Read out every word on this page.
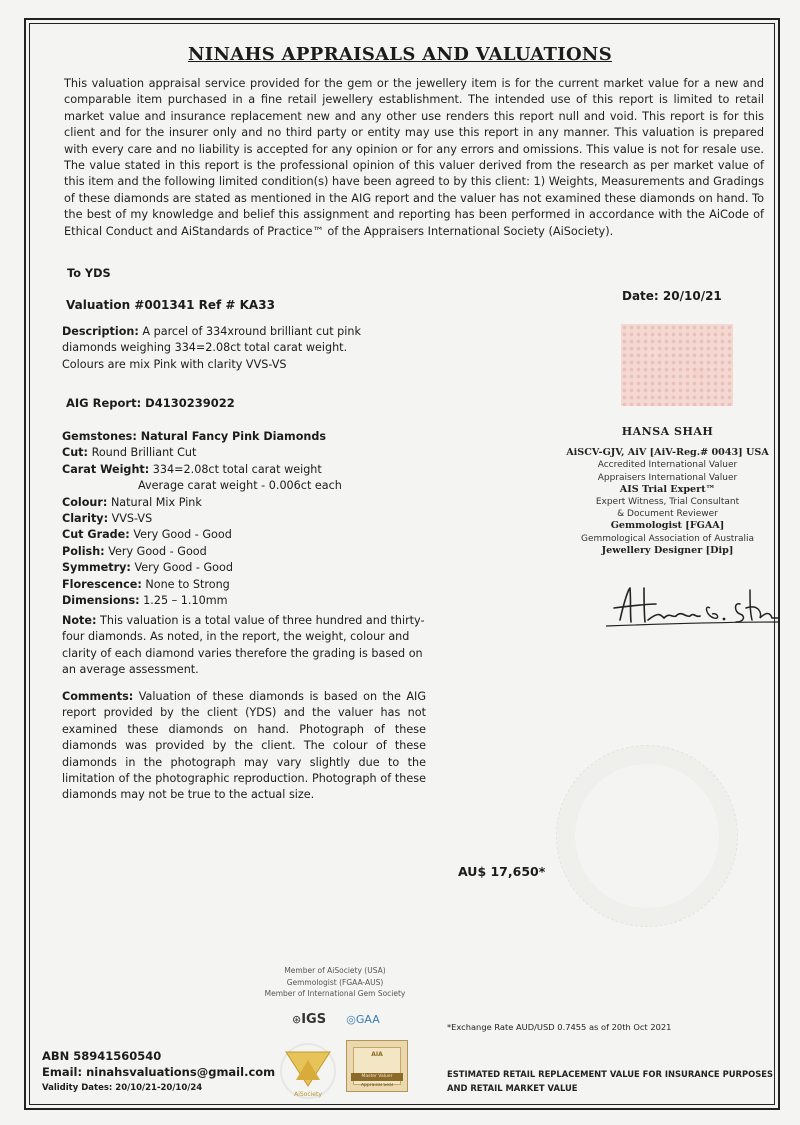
NINAHS APPRAISALS AND VALUATIONS
This valuation appraisal service provided for the gem or the jewellery item is for the current market value for a new and comparable item purchased in a fine retail jewellery establishment. The intended use of this report is limited to retail market value and insurance replacement new and any other use renders this report null and void. This report is for this client and for the insurer only and no third party or entity may use this report in any manner. This valuation is prepared with every care and no liability is accepted for any opinion or for any errors and omissions. This value is not for resale use. The value stated in this report is the professional opinion of this valuer derived from the research as per market value of this item and the following limited condition(s) have been agreed to by this client: 1) Weights, Measurements and Gradings of these diamonds are stated as mentioned in the AIG report and the valuer has not examined these diamonds on hand. To the best of my knowledge and belief this assignment and reporting has been performed in accordance with the AiCode of Ethical Conduct and AiStandards of Practice™ of the Appraisers International Society (AiSociety).
To YDS
Valuation #001341 Ref # KA33
Date: 20/10/21
Description: A parcel of 334xround brilliant cut pink diamonds weighing 334=2.08ct total carat weight. Colours are mix Pink with clarity VVS-VS
AIG Report: D4130239022
Gemstones: Natural Fancy Pink Diamonds
Cut: Round Brilliant Cut
Carat Weight: 334=2.08ct total carat weight
Average carat weight - 0.006ct each
Colour: Natural Mix Pink
Clarity: VVS-VS
Cut Grade: Very Good - Good
Polish: Very Good - Good
Symmetry: Very Good - Good
Florescence: None to Strong
Dimensions: 1.25 – 1.10mm
Note: This valuation is a total value of three hundred and thirty-four diamonds. As noted, in the report, the weight, colour and clarity of each diamond varies therefore the grading is based on an average assessment.
Comments: Valuation of these diamonds is based on the AIG report provided by the client (YDS) and the valuer has not examined these diamonds on hand. Photograph of these diamonds was provided by the client. The colour of these diamonds in the photograph may vary slightly due to the limitation of the photographic reproduction. Photograph of these diamonds may not be true to the actual size.
HANSA SHAH
AiSCV-GJV, AiV [AiV-Reg.# 0043] USA
Accredited International Valuer
Appraisers International Valuer
AIS Trial Expert™
Expert Witness, Trial Consultant
& Document Reviewer
Gemmologist [FGAA]
Gemmological Association of Australia
Jewellery Designer [Dip]
AU$ 17,650*
Member of AiSociety (USA)
Gemmologist (FGAA-AUS)
Member of International Gem Society
⊛IGS ◎GAA
*Exchange Rate AUD/USD 0.7455 as of 20th Oct 2021
ABN 58941560540
Email: ninahsvaluations@gmail.com
Validity Dates: 20/10/21-20/10/24
AiSociety
AIA
Master Valuer
Appraisal Seal
ESTIMATED RETAIL REPLACEMENT VALUE FOR INSURANCE PURPOSES
AND RETAIL MARKET VALUE
